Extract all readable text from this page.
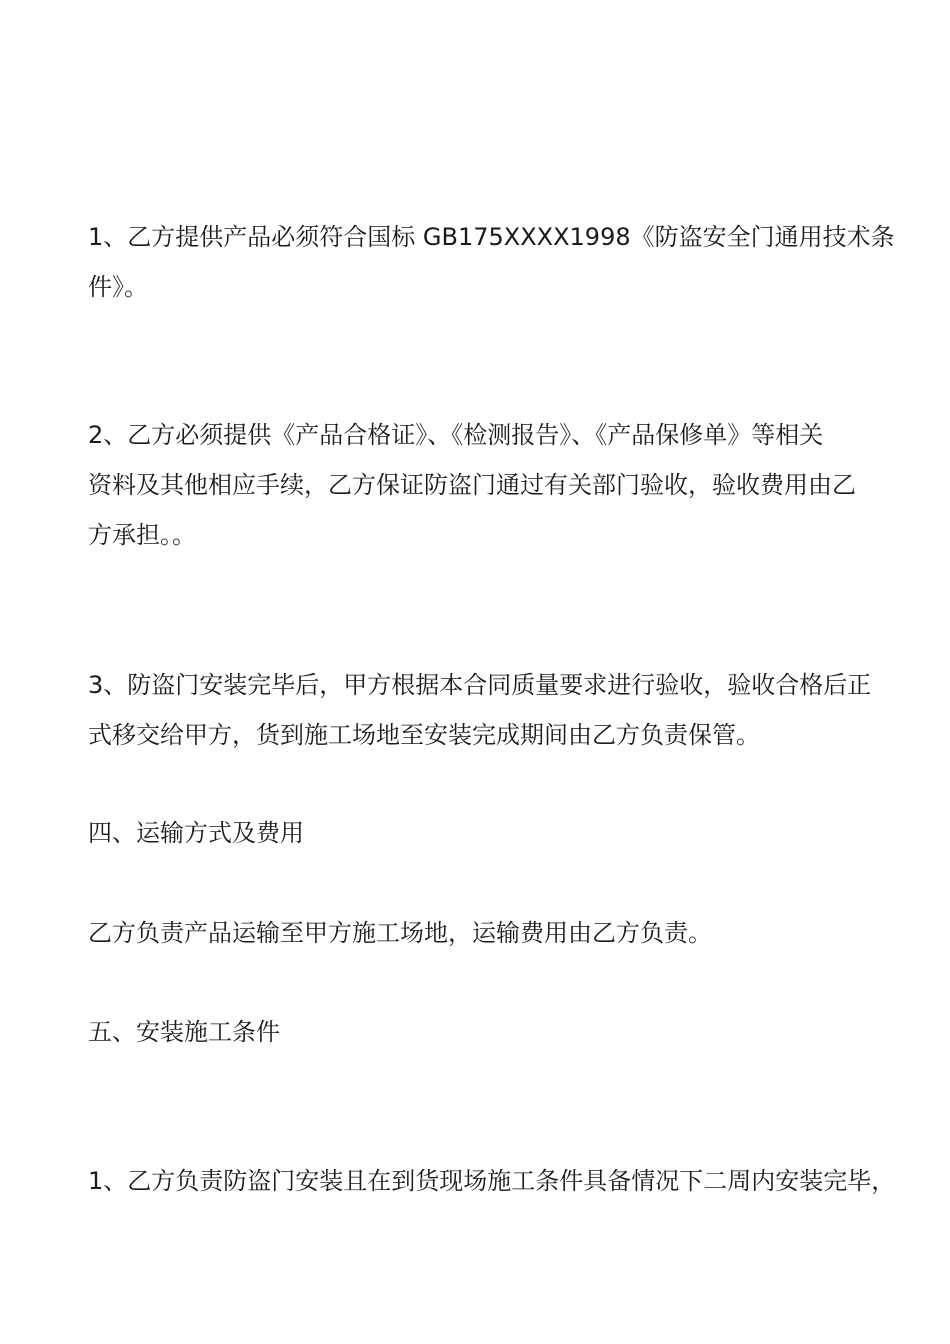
1、乙方提供产品必须符合国标 GB175XXXX1998《防盗安全门通用技术条
件》。
2、乙方必须提供《产品合格证》、《检测报告》、《产品保修单》等相关
资料及其他相应手续，乙方保证防盗门通过有关部门验收，验收费用由乙
方承担。。
3、防盗门安装完毕后，甲方根据本合同质量要求进行验收，验收合格后正
式移交给甲方，货到施工场地至安装完成期间由乙方负责保管。
四、运输方式及费用
乙方负责产品运输至甲方施工场地，运输费用由乙方负责。
五、安装施工条件
1、乙方负责防盗门安装且在到货现场施工条件具备情况下二周内安装完毕，
